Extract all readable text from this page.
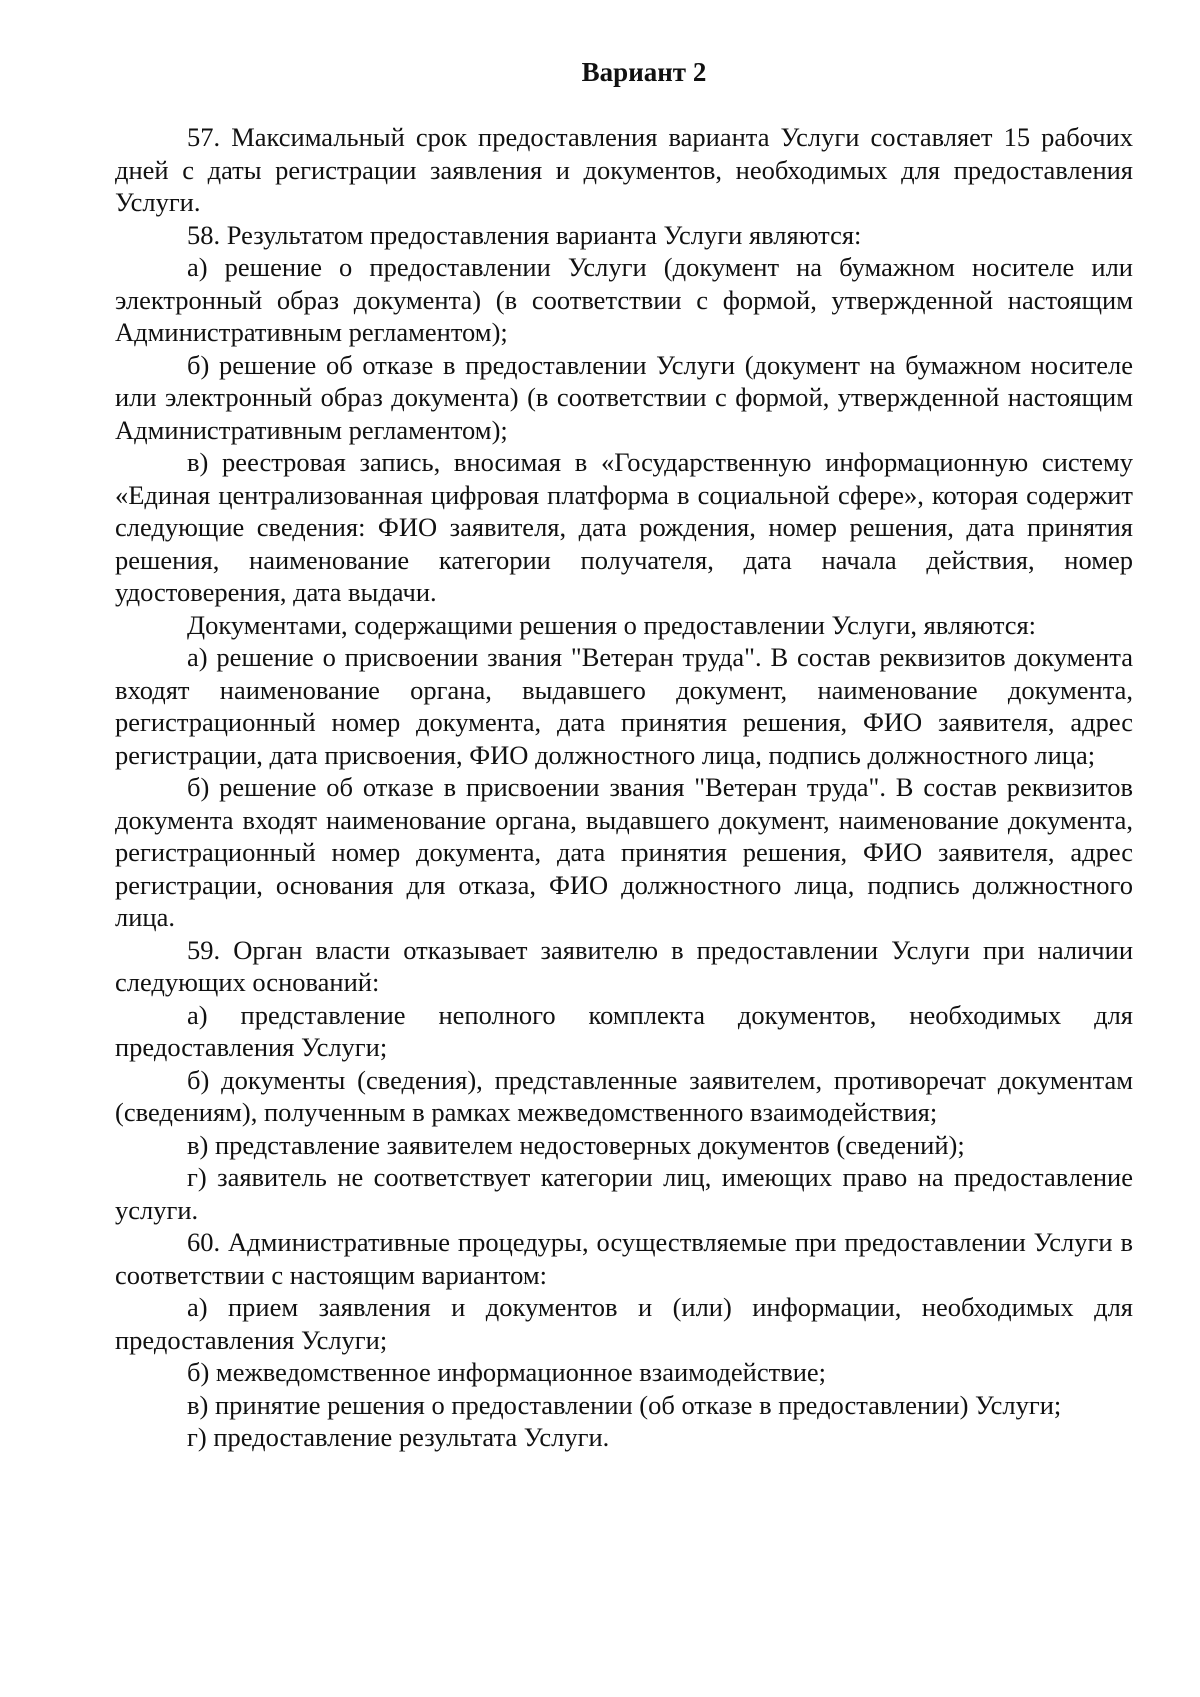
Вариант 2

57. Максимальный срок предоставления варианта Услуги составляет 15 рабочих дней с даты регистрации заявления и документов, необходимых для предоставления Услуги.

58. Результатом предоставления варианта Услуги являются:

а) решение о предоставлении Услуги (документ на бумажном носителе или электронный образ документа) (в соответствии с формой, утвержденной настоящим Административным регламентом);

б) решение об отказе в предоставлении Услуги (документ на бумажном носителе или электронный образ документа) (в соответствии с формой, утвержденной настоящим Административным регламентом);

в) реестровая запись, вносимая в «Государственную информационную систему «Единая централизованная цифровая платформа в социальной сфере», которая содержит следующие сведения: ФИО заявителя, дата рождения, номер решения, дата принятия решения, наименование категории получателя, дата начала действия, номер удостоверения, дата выдачи.

Документами, содержащими решения о предоставлении Услуги, являются:

а) решение о присвоении звания "Ветеран труда". В состав реквизитов документа входят наименование органа, выдавшего документ, наименование документа, регистрационный номер документа, дата принятия решения, ФИО заявителя, адрес регистрации, дата присвоения, ФИО должностного лица, подпись должностного лица;

б) решение об отказе в присвоении звания "Ветеран труда". В состав реквизитов документа входят наименование органа, выдавшего документ, наименование документа, регистрационный номер документа, дата принятия решения, ФИО заявителя, адрес регистрации, основания для отказа, ФИО должностного лица, подпись должностного лица.

59. Орган власти отказывает заявителю в предоставлении Услуги при наличии следующих оснований:

а) представление неполного комплекта документов, необходимых для предоставления Услуги;

б) документы (сведения), представленные заявителем, противоречат документам (сведениям), полученным в рамках межведомственного взаимодействия;

в) представление заявителем недостоверных документов (сведений);

г) заявитель не соответствует категории лиц, имеющих право на предоставление услуги.

60. Административные процедуры, осуществляемые при предоставлении Услуги в соответствии с настоящим вариантом:

а) прием заявления и документов и (или) информации, необходимых для предоставления Услуги;

б) межведомственное информационное взаимодействие;

в) принятие решения о предоставлении (об отказе в предоставлении) Услуги;

г) предоставление результата Услуги.
